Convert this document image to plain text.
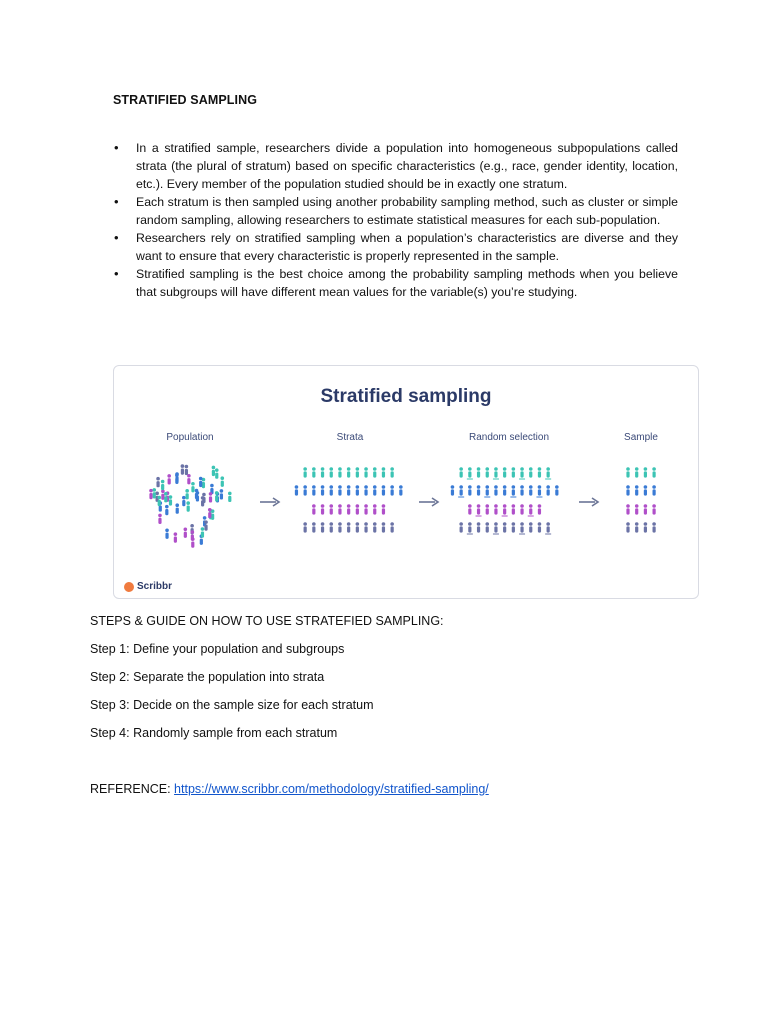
STRATIFIED SAMPLING
• In a stratified sample, researchers divide a population into homogeneous subpopulations called strata (the plural of stratum) based on specific characteristics (e.g., race, gender identity, location, etc.). Every member of the population studied should be in exactly one stratum.
• Each stratum is then sampled using another probability sampling method, such as cluster or simple random sampling, allowing researchers to estimate statistical measures for each sub-population.
• Researchers rely on stratified sampling when a population’s characteristics are diverse and they want to ensure that every characteristic is properly represented in the sample.
• Stratified sampling is the best choice among the probability sampling methods when you believe that subgroups will have different mean values for the variable(s) you’re studying.
Stratified sampling
Population	Strata	Random selection	Sample
Scribbr
STEPS & GUIDE ON HOW TO USE STRATEFIED SAMPLING:
Step 1: Define your population and subgroups
Step 2: Separate the population into strata
Step 3: Decide on the sample size for each stratum
Step 4: Randomly sample from each stratum
REFERENCE: https://www.scribbr.com/methodology/stratified-sampling/
